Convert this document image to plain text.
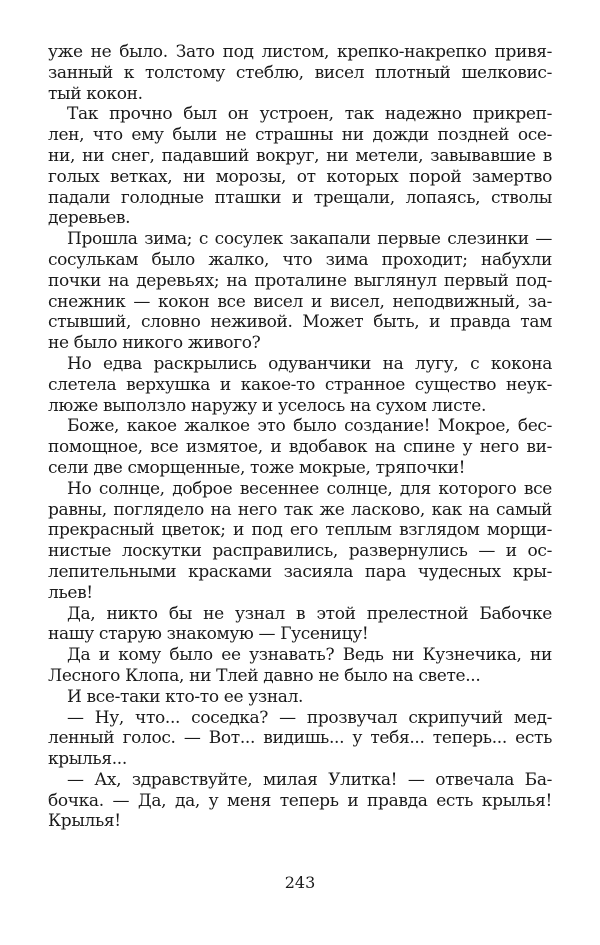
уже не было. Зато под листом, крепко-накрепко привя-
занный к толстому стеблю, висел плотный шелковис-
тый кокон.
Так прочно был он устроен, так надежно прикреп-
лен, что ему были не страшны ни дожди поздней осе-
ни, ни снег, падавший вокруг, ни метели, завывавшие в
голых ветках, ни морозы, от которых порой замертво
падали голодные пташки и трещали, лопаясь, стволы
деревьев.
Прошла зима; с сосулек закапали первые слезинки —
сосулькам было жалко, что зима проходит; набухли
почки на деревьях; на проталине выглянул первый под-
снежник — кокон все висел и висел, неподвижный, за-
стывший, словно неживой. Может быть, и правда там
не было никого живого?
Но едва раскрылись одуванчики на лугу, с кокона
слетела верхушка и какое-то странное существо неук-
люже выползло наружу и уселось на сухом листе.
Боже, какое жалкое это было создание! Мокрое, бес-
помощное, все измятое, и вдобавок на спине у него ви-
сели две сморщенные, тоже мокрые, тряпочки!
Но солнце, доброе весеннее солнце, для которого все
равны, поглядело на него так же ласково, как на самый
прекрасный цветок; и под его теплым взглядом морщи-
нистые лоскутки расправились, развернулись — и ос-
лепительными красками засияла пара чудесных кры-
льев!
Да, никто бы не узнал в этой прелестной Бабочке
нашу старую знакомую — Гусеницу!
Да и кому было ее узнавать? Ведь ни Кузнечика, ни
Лесного Клопа, ни Тлей давно не было на свете...
И все-таки кто-то ее узнал.
— Ну, что... соседка? — прозвучал скрипучий мед-
ленный голос. — Вот... видишь... у тебя... теперь... есть
крылья...
— Ах, здравствуйте, милая Улитка! — отвечала Ба-
бочка. — Да, да, у меня теперь и правда есть крылья!
Крылья!
243
